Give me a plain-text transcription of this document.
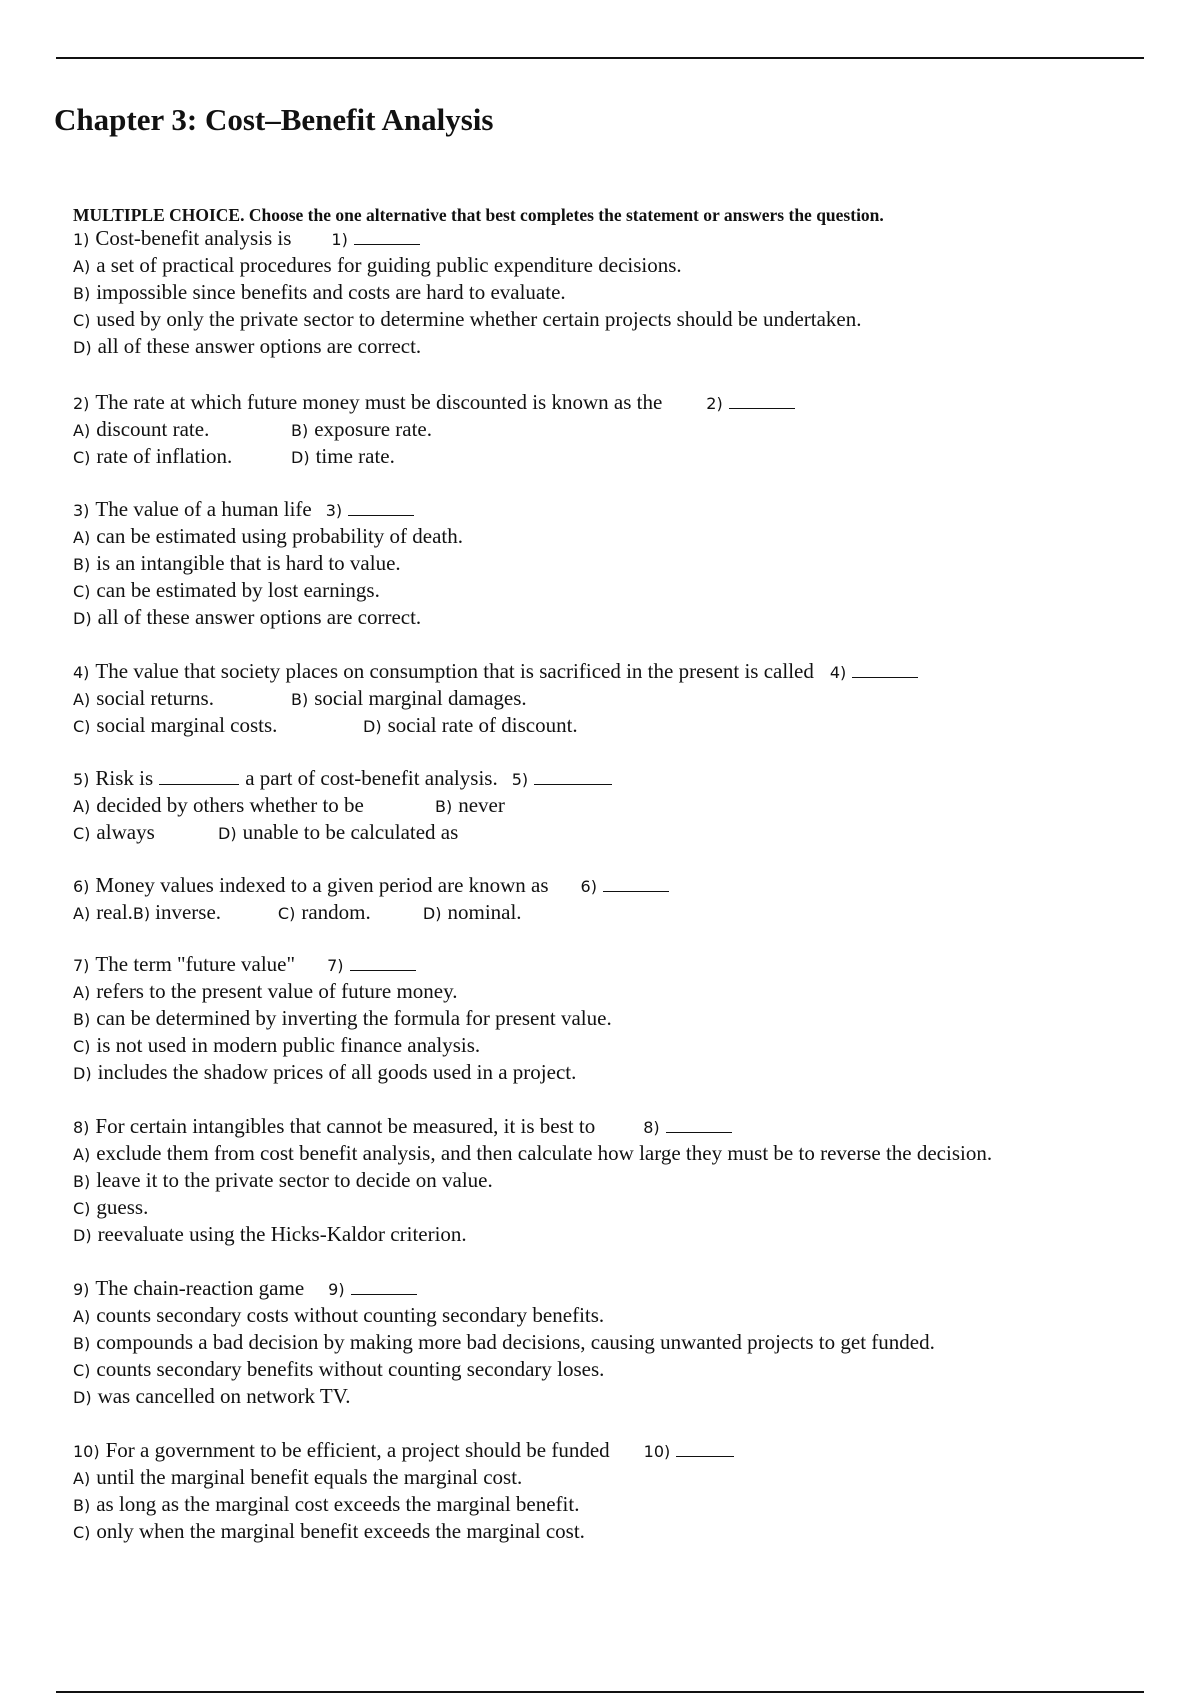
Chapter 3: Cost–Benefit Analysis
MULTIPLE CHOICE. Choose the one alternative that best completes the statement or answers the question.
1) Cost-benefit analysis is	1)
A) a set of practical procedures for guiding public expenditure decisions.
B) impossible since benefits and costs are hard to evaluate.
C) used by only the private sector to determine whether certain projects should be undertaken.
D) all of these answer options are correct.
2) The rate at which future money must be discounted is known as the	2)
A) discount rate.	B) exposure rate.
C) rate of inflation.	D) time rate.
3) The value of a human life 3)
A) can be estimated using probability of death.
B) is an intangible that is hard to value.
C) can be estimated by lost earnings.
D) all of these answer options are correct.
4) The value that society places on consumption that is sacrificed in the present is called 4)
A) social returns.	B) social marginal damages.
C) social marginal costs.	D) social rate of discount.
5) Risk is	a part of cost-benefit analysis. 5)
A) decided by others whether to be	B) never
C) always	D) unable to be calculated as
6) Money values indexed to a given period are known as 6)
A) real. B) inverse.	C) random.	D) nominal.
7) The term "future value" 7)
A) refers to the present value of future money.
B) can be determined by inverting the formula for present value.
C) is not used in modern public finance analysis.
D) includes the shadow prices of all goods used in a project.
8) For certain intangibles that cannot be measured, it is best to	8)
A) exclude them from cost benefit analysis, and then calculate how large they must be to reverse the decision.
B) leave it to the private sector to decide on value.
C) guess.
D) reevaluate using the Hicks-Kaldor criterion.
9) The chain-reaction game 9)
A) counts secondary costs without counting secondary benefits.
B) compounds a bad decision by making more bad decisions, causing unwanted projects to get funded.
C) counts secondary benefits without counting secondary loses.
D) was cancelled on network TV.
10) For a government to be efficient, a project should be funded 10)
A) until the marginal benefit equals the marginal cost.
B) as long as the marginal cost exceeds the marginal benefit.
C) only when the marginal benefit exceeds the marginal cost.
